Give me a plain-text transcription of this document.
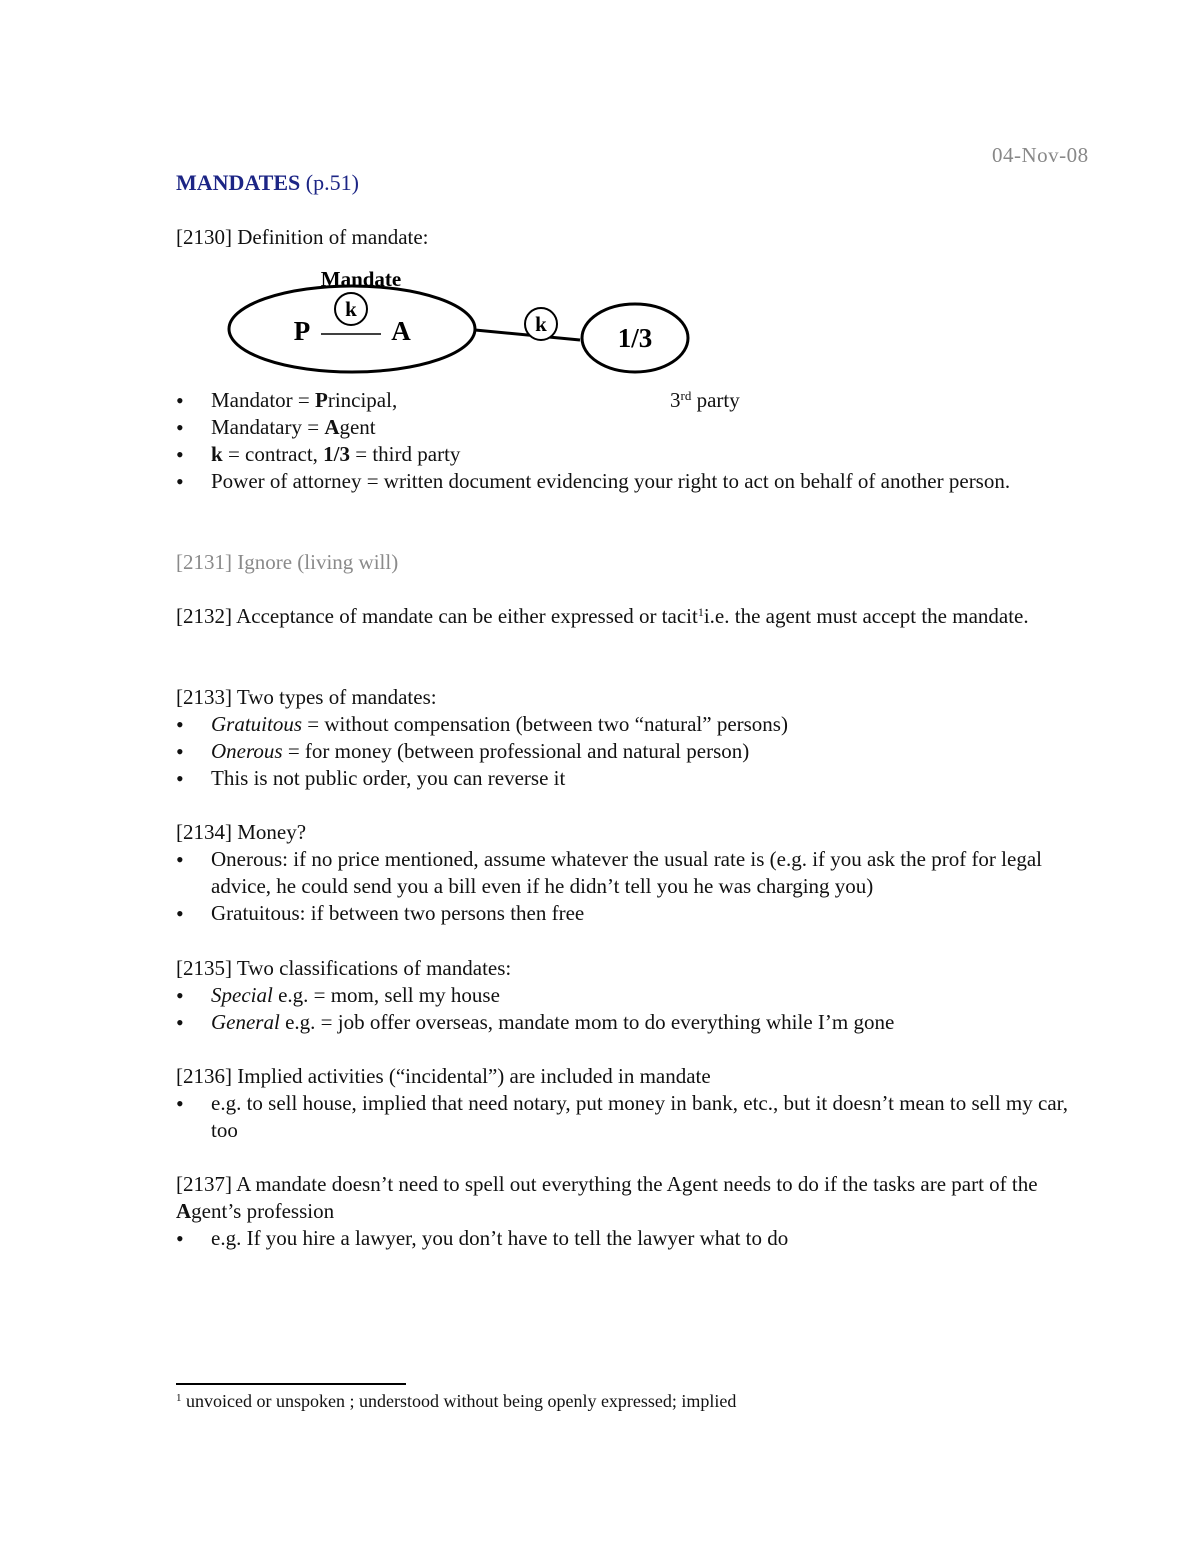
04-Nov-08
MANDATES (p.51)
[2130] Definition of mandate:
Mandate
P	A
k
k	1/3
3rd party
• Mandator = Principal,
• Mandatary = Agent
• k = contract, 1/3 = third party
• Power of attorney = written document evidencing your right to act on behalf of another person.
[2131] Ignore (living will)
[2132] Acceptance of mandate can be either expressed or tacit$^1$i.e. the agent must accept the mandate.
[2133] Two types of mandates:
• Gratuitous = without compensation (between two “natural” persons)
• Onerous = for money (between professional and natural person)
• This is not public order, you can reverse it
[2134] Money?
• Onerous: if no price mentioned, assume whatever the usual rate is (e.g. if you ask the prof for legal advice, he could send you a bill even if he didn’t tell you he was charging you)
• Gratuitous: if between two persons then free
[2135] Two classifications of mandates:
• Special e.g. = mom, sell my house
• General e.g. = job offer overseas, mandate mom to do everything while I’m gone
[2136] Implied activities (“incidental”) are included in mandate
• e.g. to sell house, implied that need notary, put money in bank, etc., but it doesn’t mean to sell my car, too
[2137] A mandate doesn’t need to spell out everything the Agent needs to do if the tasks are part of the Agent’s profession
• e.g. If you hire a lawyer, you don’t have to tell the lawyer what to do
$^1$ unvoiced or unspoken ; understood without being openly expressed; implied
